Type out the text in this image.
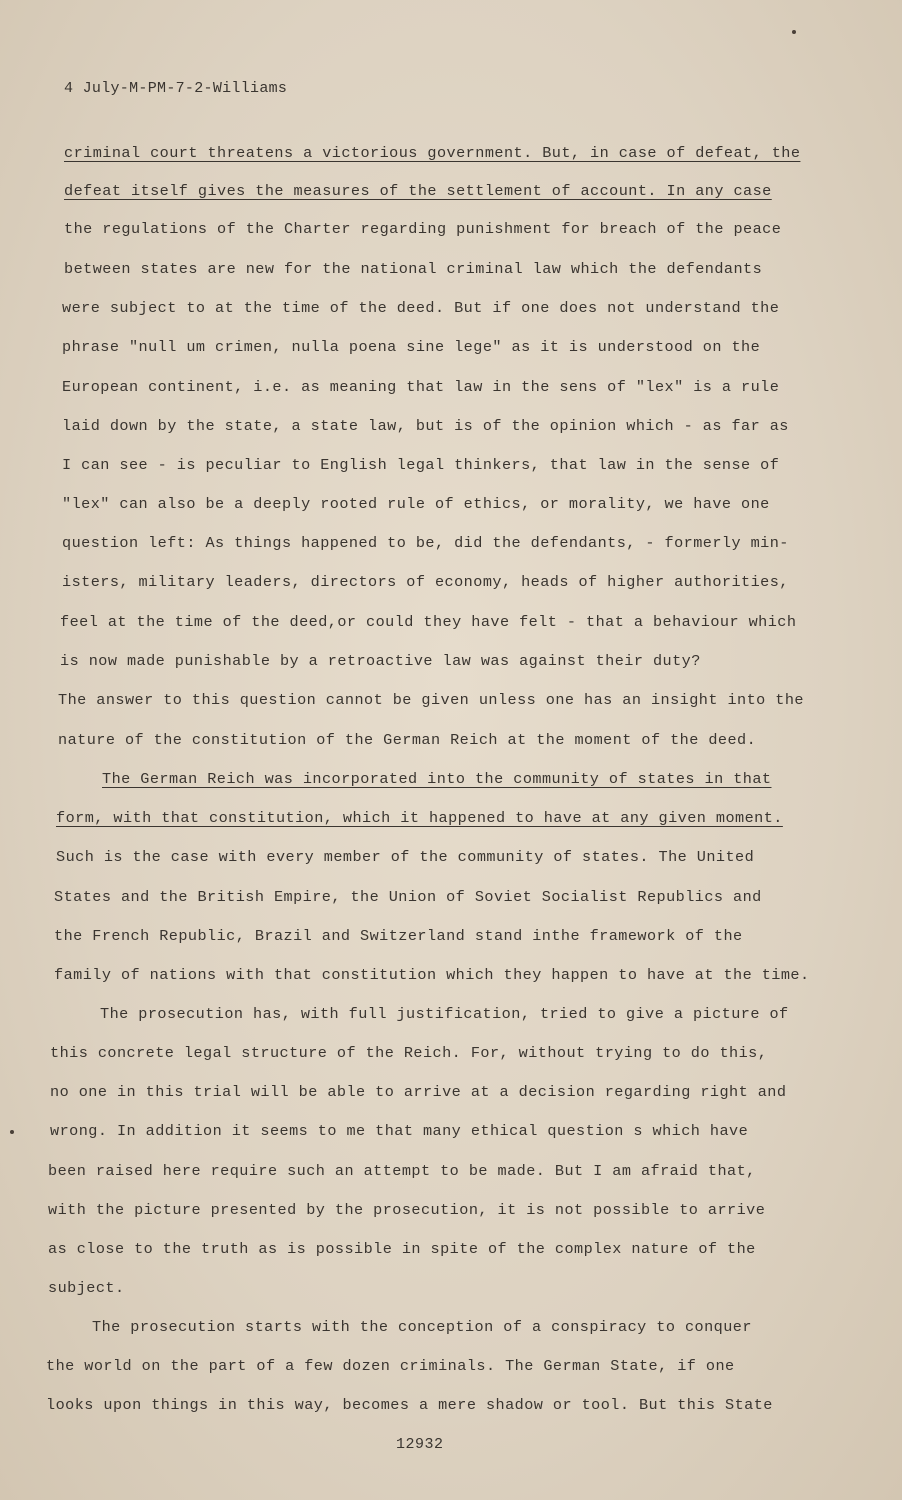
4 July-M-PM-7-2-Williams
criminal court threatens a victorious government. But, in case of defeat, the
defeat itself gives the measures of the settlement of account. In any case
the regulations of the Charter regarding punishment for breach of the peace
between states are new for the national criminal law which the defendants
were subject to at the time of the deed. But if one does not understand the
phrase "null um crimen, nulla poena sine lege" as it is understood on the
European continent, i.e. as meaning that law in the sens of "lex" is a rule
laid down by the state, a state law, but is of the opinion which - as far as
I can see - is peculiar to English legal thinkers, that law in the sense of
"lex" can also be a deeply rooted rule of ethics, or morality, we have one
question left: As things happened to be, did the defendants, - formerly min-
isters, military leaders, directors of economy, heads of higher authorities,
feel at the time of the deed,or could they have felt - that a behaviour which
is now made punishable by a retroactive law was against their duty?
The answer to this question cannot be given unless one has an insight into the
nature of the constitution of the German Reich at the moment of the deed.
The German Reich was incorporated into the community of states in that
form, with that constitution, which it happened to have at any given moment.
Such is the case with every member of the community of states. The United
States and the British Empire, the Union of Soviet Socialist Republics and
the French Republic, Brazil and Switzerland stand inthe framework of the
family of nations with that constitution which they happen to have at the time.
The prosecution has, with full justification, tried to give a picture of
this concrete legal structure of the Reich. For, without trying to do this,
no one in this trial will be able to arrive at a decision regarding right and
wrong. In addition it seems to me that many ethical question s which have
been raised here require such an attempt to be made. But I am afraid that,
with the picture presented by the prosecution, it is not possible to arrive
as close to the truth as is possible in spite of the complex nature of the
subject.
The prosecution starts with the conception of a conspiracy to conquer
the world on the part of a few dozen criminals. The German State, if one
looks upon things in this way, becomes a mere shadow or tool. But this State
12932
